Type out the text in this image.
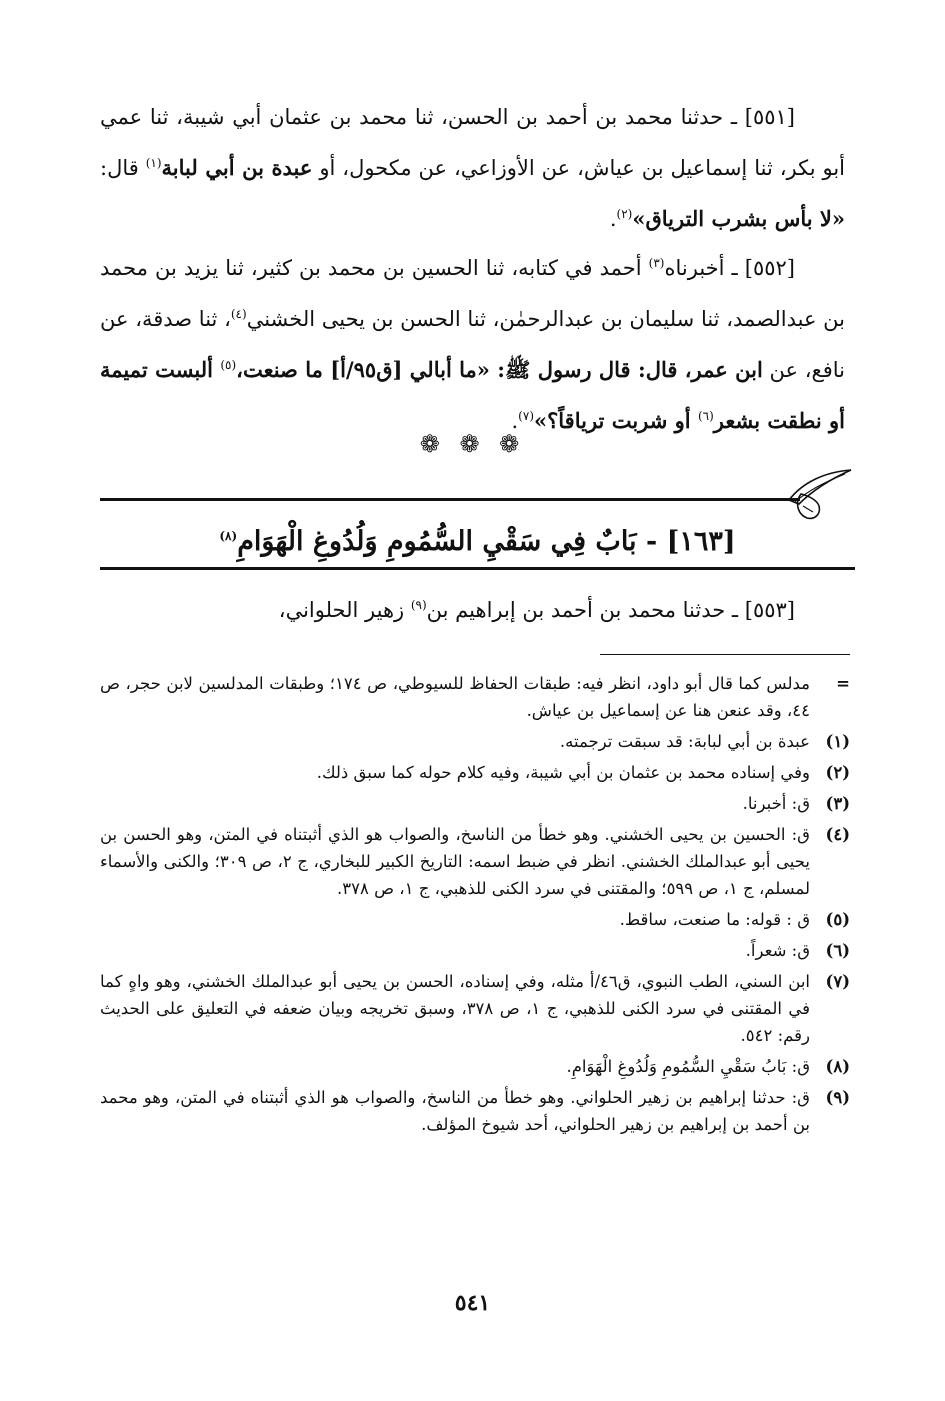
[٥٥١] ـ حدثنا محمد بن أحمد بن الحسن، ثنا محمد بن عثمان أبي شيبة، ثنا عمي أبو بكر، ثنا إسماعيل بن عياش، عن الأوزاعي، عن مكحول، أو عبدة بن أبي لبابة$^{(١)}$ قال: «لا بأس بشرب الترياق»$^{(٢)}$.

[٥٥٢] ـ أخبرناه$^{(٣)}$ أحمد في كتابه، ثنا الحسين بن محمد بن كثير، ثنا يزيد بن محمد بن عبدالصمد، ثنا سليمان بن عبدالرحمٰن، ثنا الحسن بن يحيى الخشني$^{(٤)}$، ثنا صدقة، عن نافع، عن ابن عمر، قال: قال رسول ﷺ: «ما أبالي [ق٩٥/أ] ما صنعت،$^{(٥)}$ ألبست تميمة أو نطقت بشعر$^{(٦)}$ أو شربت ترياقاً؟»$^{(٧)}$.

❁ ❁ ❁
[١٦٣] - بَابٌ فِي سَقْيِ السُّمُومِ وَلُدُوغِ الْهَوَامِ$^{(٨)}$

[٥٥٣] ـ حدثنا محمد بن أحمد بن إبراهيم بن$^{(٩)}$ زهير الحلواني،

=
مدلس كما قال أبو داود، انظر فيه: طبقات الحفاظ للسيوطي، ص ١٧٤؛ وطبقات المدلسين لابن حجر، ص ٤٤، وقد عنعن هنا عن إسماعيل بن عياش.
(١)
عبدة بن أبي لبابة: قد سبقت ترجمته.
(٢)
وفي إسناده محمد بن عثمان بن أبي شيبة، وفيه كلام حوله كما سبق ذلك.
(٣)
ق: أخبرنا.
(٤)
ق: الحسين بن يحيى الخشني. وهو خطأ من الناسخ، والصواب هو الذي أثبتناه في المتن، وهو الحسن بن يحيى أبو عبدالملك الخشني. انظر في ضبط اسمه: التاريخ الكبير للبخاري، ج ٢، ص ٣٠٩؛ والكنى والأسماء لمسلم، ج ١، ص ٥٩٩؛ والمقتنى في سرد الكنى للذهبي، ج ١، ص ٣٧٨.
(٥)
ق : قوله: ما صنعت، ساقط.
(٦)
ق: شعراً.
(٧)
ابن السني، الطب النبوي، ق٤٦/أ مثله، وفي إسناده، الحسن بن يحيى أبو عبدالملك الخشني، وهو واهٍ كما في المقتنى في سرد الكنى للذهبي، ج ١، ص ٣٧٨، وسبق تخريجه وبيان ضعفه في التعليق على الحديث رقم: ٥٤٢.
(٨)
ق: بَابُ سَقْيِ السُّمُومِ وَلُدُوغِ الْهَوَامِ.
(٩)
ق: حدثنا إبراهيم بن زهير الحلواني. وهو خطأ من الناسخ، والصواب هو الذي أثبتناه في المتن، وهو محمد بن أحمد بن إبراهيم بن زهير الحلواني، أحد شيوخ المؤلف.
٥٤١
